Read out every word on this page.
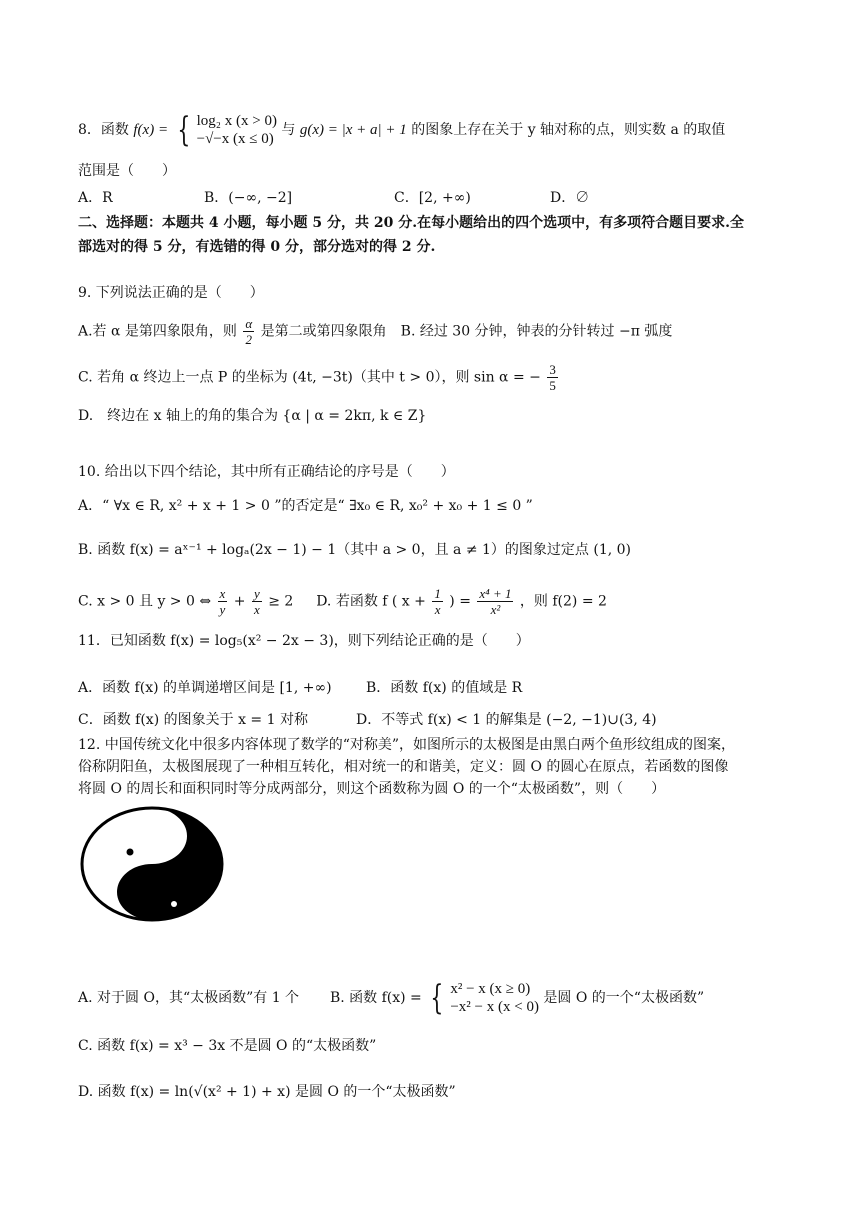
8．函数 f(x) = { log₂ x (x > 0)
−√−x (x ≤ 0)
与 g(x) = |x + a| + 1 的图象上存在关于 y 轴对称的点，则实数 a 的取值
范围是（　　）
A．R	B．(−∞, −2]	C．[2, +∞)	D．∅
二、选择题：本题共 4 小题，每小题 5 分，共 20 分.在每小题给出的四个选项中，有多项符合题目要求.全
部选对的得 5 分，有选错的得 0 分，部分选对的得 2 分.
9. 下列说法正确的是（　　）
A.若 α 是第四象限角，则 $\frac{\alpha}{2}$ 是第二或第四象限角　B. 经过 30 分钟，钟表的分针转过 −π 弧度
C. 若角 α 终边上一点 P 的坐标为 (4t, −3t)（其中 t > 0），则 sin α = − $\frac{3}{5}$
D.　终边在 x 轴上的角的集合为 {α | α = 2kπ, k ∈ Z}
10. 给出以下四个结论，其中所有正确结论的序号是（　　）
A．“ ∀x ∈ R, x² + x + 1 > 0 ”的否定是“ ∃x₀ ∈ R, x₀² + x₀ + 1 ≤ 0 ”
B. 函数 f(x) = aˣ⁻¹ + logₐ(2x − 1) − 1（其中 a > 0，且 a ≠ 1）的图象过定点 (1, 0)
C. x > 0 且 y > 0 ⇔ $\frac{x}{y} + \frac{y}{x} \ge 2$ D. 若函数 f ( $x + \frac{1}{x}$ ) = $\frac{\text{x⁴ + 1}}{\text{x²}}$ ，则 f(2) = 2
11．已知函数 f(x) = log₅(x² − 2x − 3)，则下列结论正确的是（　　）
A．函数 f(x) 的单调递增区间是 [1, +∞) B．函数 f(x) 的值域是 R
C．函数 f(x) 的图象关于 x = 1 对称	D．不等式 f(x) < 1 的解集是 (−2, −1)∪(3, 4)
12. 中国传统文化中很多内容体现了数学的“对称美”，如图所示的太极图是由黑白两个鱼形纹组成的图案，
俗称阴阳鱼，太极图展现了一种相互转化，相对统一的和谐美，定义：圆 O 的圆心在原点，若函数的图像
将圆 O 的周长和面积同时等分成两部分，则这个函数称为圆 O 的一个“太极函数”，则（　　）
A. 对于圆 O，其“太极函数”有 1 个 B. 函数 f(x) = { x² − x (x ≥ 0)
−x² − x (x < 0)
是圆 O 的一个“太极函数”
C. 函数 f(x) = x³ − 3x 不是圆 O 的“太极函数”
D. 函数 f(x) = ln(√(x² + 1) + x) 是圆 O 的一个“太极函数”
